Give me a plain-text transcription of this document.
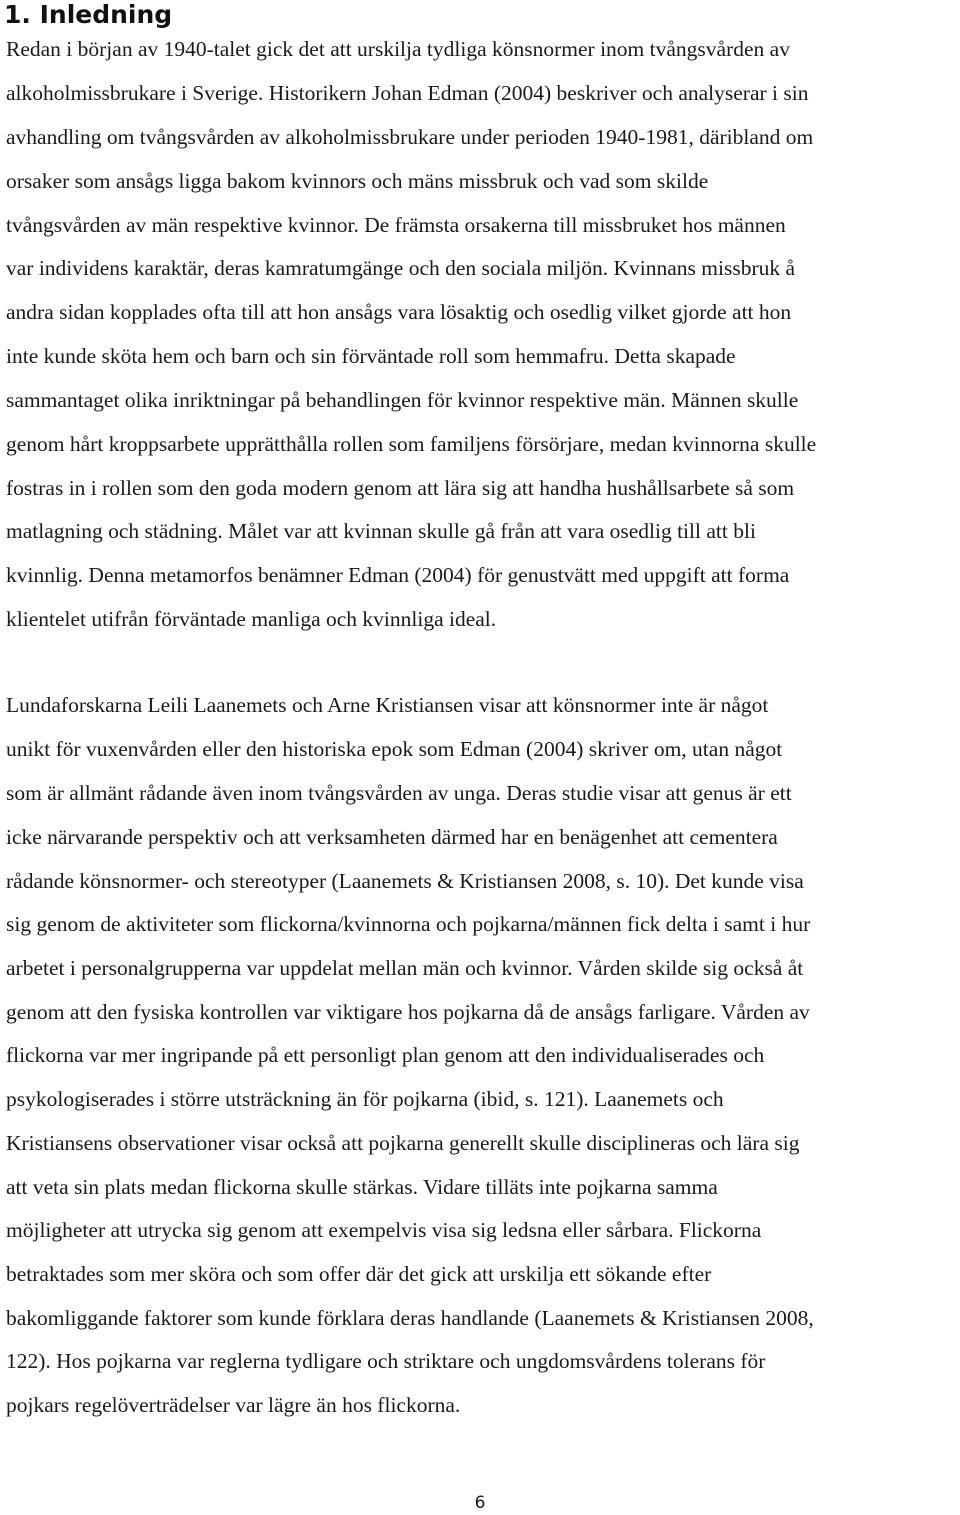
1. Inledning

Redan i början av 1940-talet gick det att urskilja tydliga könsnormer inom tvångsvården av

alkoholmissbrukare i Sverige. Historikern Johan Edman (2004) beskriver och analyserar i sin

avhandling om tvångsvården av alkoholmissbrukare under perioden 1940-1981, däribland om

orsaker som ansågs ligga bakom kvinnors och mäns missbruk och vad som skilde

tvångsvården av män respektive kvinnor. De främsta orsakerna till missbruket hos männen

var individens karaktär, deras kamratumgänge och den sociala miljön. Kvinnans missbruk å

andra sidan kopplades ofta till att hon ansågs vara lösaktig och osedlig vilket gjorde att hon

inte kunde sköta hem och barn och sin förväntade roll som hemmafru. Detta skapade

sammantaget olika inriktningar på behandlingen för kvinnor respektive män. Männen skulle

genom hårt kroppsarbete upprätthålla rollen som familjens försörjare, medan kvinnorna skulle

fostras in i rollen som den goda modern genom att lära sig att handha hushållsarbete så som

matlagning och städning. Målet var att kvinnan skulle gå från att vara osedlig till att bli

kvinnlig. Denna metamorfos benämner Edman (2004) för genustvätt med uppgift att forma

klientelet utifrån förväntade manliga och kvinnliga ideal.

Lundaforskarna Leili Laanemets och Arne Kristiansen visar att könsnormer inte är något

unikt för vuxenvården eller den historiska epok som Edman (2004) skriver om, utan något

som är allmänt rådande även inom tvångsvården av unga. Deras studie visar att genus är ett

icke närvarande perspektiv och att verksamheten därmed har en benägenhet att cementera

rådande könsnormer- och stereotyper (Laanemets & Kristiansen 2008, s. 10). Det kunde visa

sig genom de aktiviteter som flickorna/kvinnorna och pojkarna/männen fick delta i samt i hur

arbetet i personalgrupperna var uppdelat mellan män och kvinnor. Vården skilde sig också åt

genom att den fysiska kontrollen var viktigare hos pojkarna då de ansågs farligare. Vården av

flickorna var mer ingripande på ett personligt plan genom att den individualiserades och

psykologiserades i större utsträckning än för pojkarna (ibid, s. 121). Laanemets och

Kristiansens observationer visar också att pojkarna generellt skulle disciplineras och lära sig

att veta sin plats medan flickorna skulle stärkas. Vidare tilläts inte pojkarna samma

möjligheter att utrycka sig genom att exempelvis visa sig ledsna eller sårbara. Flickorna

betraktades som mer sköra och som offer där det gick att urskilja ett sökande efter

bakomliggande faktorer som kunde förklara deras handlande (Laanemets & Kristiansen 2008,

122). Hos pojkarna var reglerna tydligare och striktare och ungdomsvårdens tolerans för

pojkars regelöverträdelser var lägre än hos flickorna.

6
